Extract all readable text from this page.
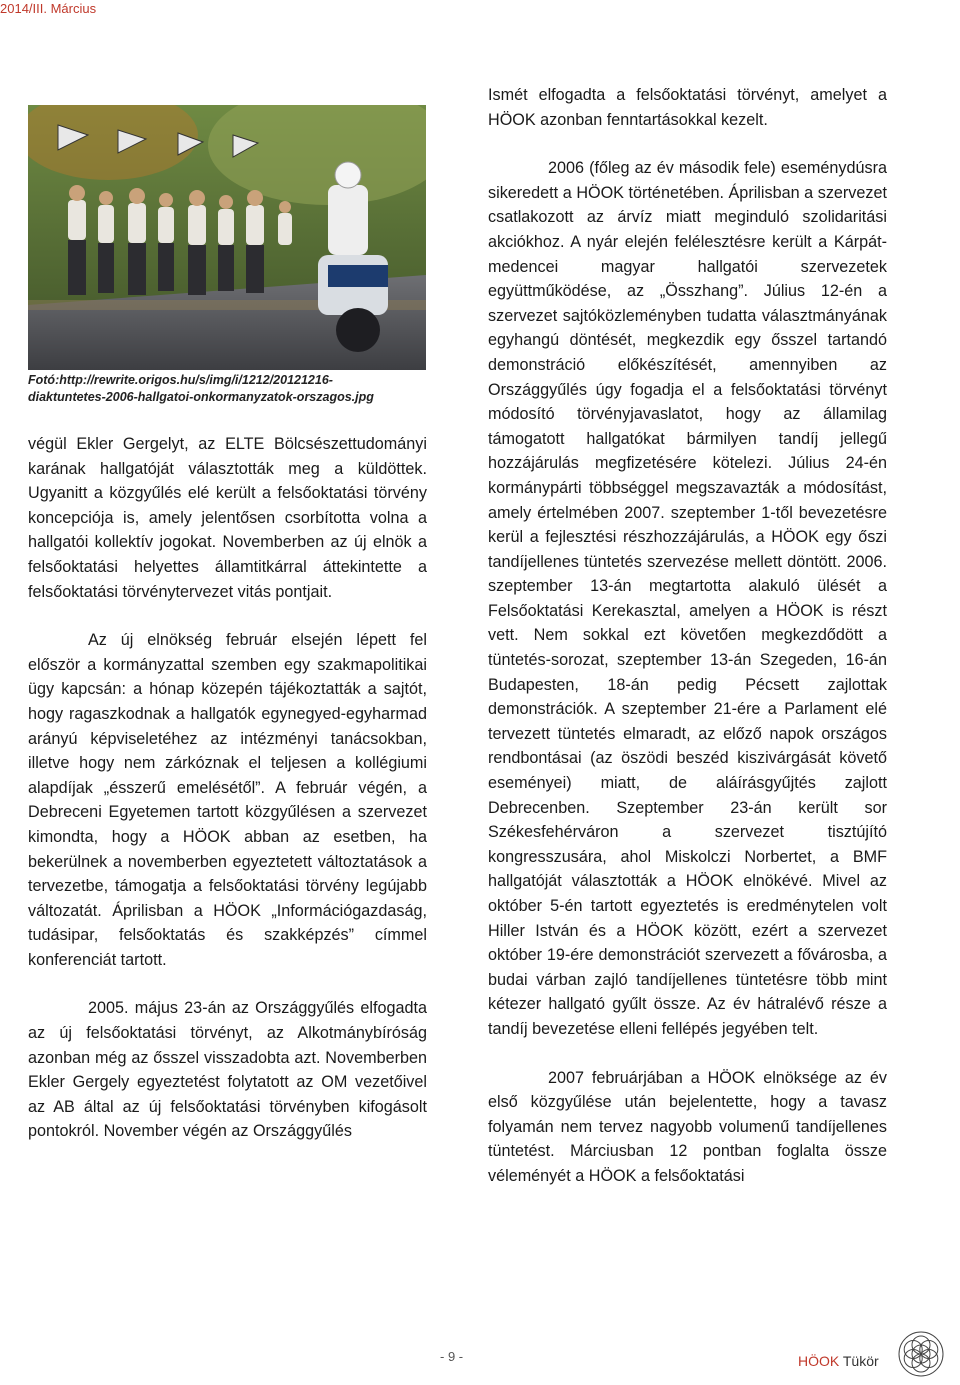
2014/III. Március
Fotó:http://rewrite.origos.hu/s/img/i/1212/20121216-
diaktuntetes-2006-hallgatoi-onkormanyzatok-orszagos.jpg

végül Ekler Gergelyt, az ELTE Bölcsészettudományi karának hallgatóját választották meg a küldöttek. Ugyanitt a közgyűlés elé került a felsőoktatási törvény koncepciója is, amely jelentősen csorbította volna a hallgatói kollektív jogokat. Novemberben az új elnök a felsőoktatási helyettes államtitkárral áttekintette a felsőoktatási törvénytervezet vitás pontjait.

Az új elnökség február elsején lépett fel először a kormányzattal szemben egy szakmapolitikai ügy kapcsán: a hónap közepén tájékoztatták a sajtót, hogy ragaszkodnak a hallgatók egynegyed-egyharmad arányú képviseletéhez az intézményi tanácsokban, illetve hogy nem zárkóznak el teljesen a kollégiumi alapdíjak „ésszerű emelésétől”. A február végén, a Debreceni Egyetemen tartott közgyűlésen a szervezet kimondta, hogy a HÖOK abban az esetben, ha bekerülnek a novemberben egyeztetett változtatások a tervezetbe, támogatja a felsőoktatási törvény legújabb változatát. Áprilisban a HÖOK „Információgazdaság, tudásipar, felsőoktatás és szakképzés” címmel konferenciát tartott.

2005. május 23-án az Országgyűlés elfogadta az új felsőoktatási törvényt, az Alkotmánybíróság azonban még az ősszel visszadobta azt. Novemberben Ekler Gergely egyeztetést folytatott az OM vezetőivel az AB által az új felsőoktatási törvényben kifogásolt pontokról. November végén az Országgyűlés

Ismét elfogadta a felsőoktatási törvényt, amelyet a HÖOK azonban fenntartásokkal kezelt.

2006 (főleg az év második fele) eseménydúsra sikeredett a HÖOK történetében. Áprilisban a szervezet csatlakozott az árvíz miatt meginduló szolidaritási akciókhoz. A nyár elején felélesztésre került a Kárpát-medencei magyar hallgatói szervezetek együttműködése, az „Összhang”. Július 12-én a szervezet sajtóközleményben tudatta választmányának egyhangú döntését, megkezdik egy ősszel tartandó demonstráció előkészítését, amennyiben az Országgyűlés úgy fogadja el a felsőoktatási törvényt módosító törvényjavaslatot, hogy az államilag támogatott hallgatókat bármilyen tandíj jellegű hozzájárulás megfizetésére kötelezi. Július 24-én kormánypárti többséggel megszavazták a módosítást, amely értelmében 2007. szeptember 1-től bevezetésre kerül a fejlesztési részhozzájárulás, a HÖOK egy őszi tandíjellenes tüntetés szervezése mellett döntött. 2006. szeptember 13-án megtartotta alakuló ülését a Felsőoktatási Kerekasztal, amelyen a HÖOK is részt vett. Nem sokkal ezt követően megkezdődött a tüntetés-sorozat, szeptember 13-án Szegeden, 16-án Budapesten, 18-án pedig Pécsett zajlottak demonstrációk. A szeptember 21-ére a Parlament elé tervezett tüntetés elmaradt, az előző napok országos rendbontásai (az öszödi beszéd kiszivárgását követő eseményei) miatt, de aláírásgyűjtés zajlott Debrecenben. Szeptember 23-án került sor Székesfehérváron a szervezet tisztújító kongresszusára, ahol Miskolczi Norbertet, a BMF hallgatóját választották a HÖOK elnökévé. Mivel az október 5-én tartott egyeztetés is eredménytelen volt Hiller István és a HÖOK között, ezért a szervezet október 19-ére demonstrációt szervezett a fővárosba, a budai várban zajló tandíjellenes tüntetésre több mint kétezer hallgató gyűlt össze. Az év hátralévő része a tandíj bevezetése elleni fellépés jegyében telt.

2007 februárjában a HÖOK elnöksége az év első közgyűlése után bejelentette, hogy a tavasz folyamán nem tervez nagyobb volumenű tandíjellenes tüntetést. Márciusban 12 pontban foglalta össze véleményét a HÖOK a felsőoktatási

- 9 -	HÖOK Tükör
